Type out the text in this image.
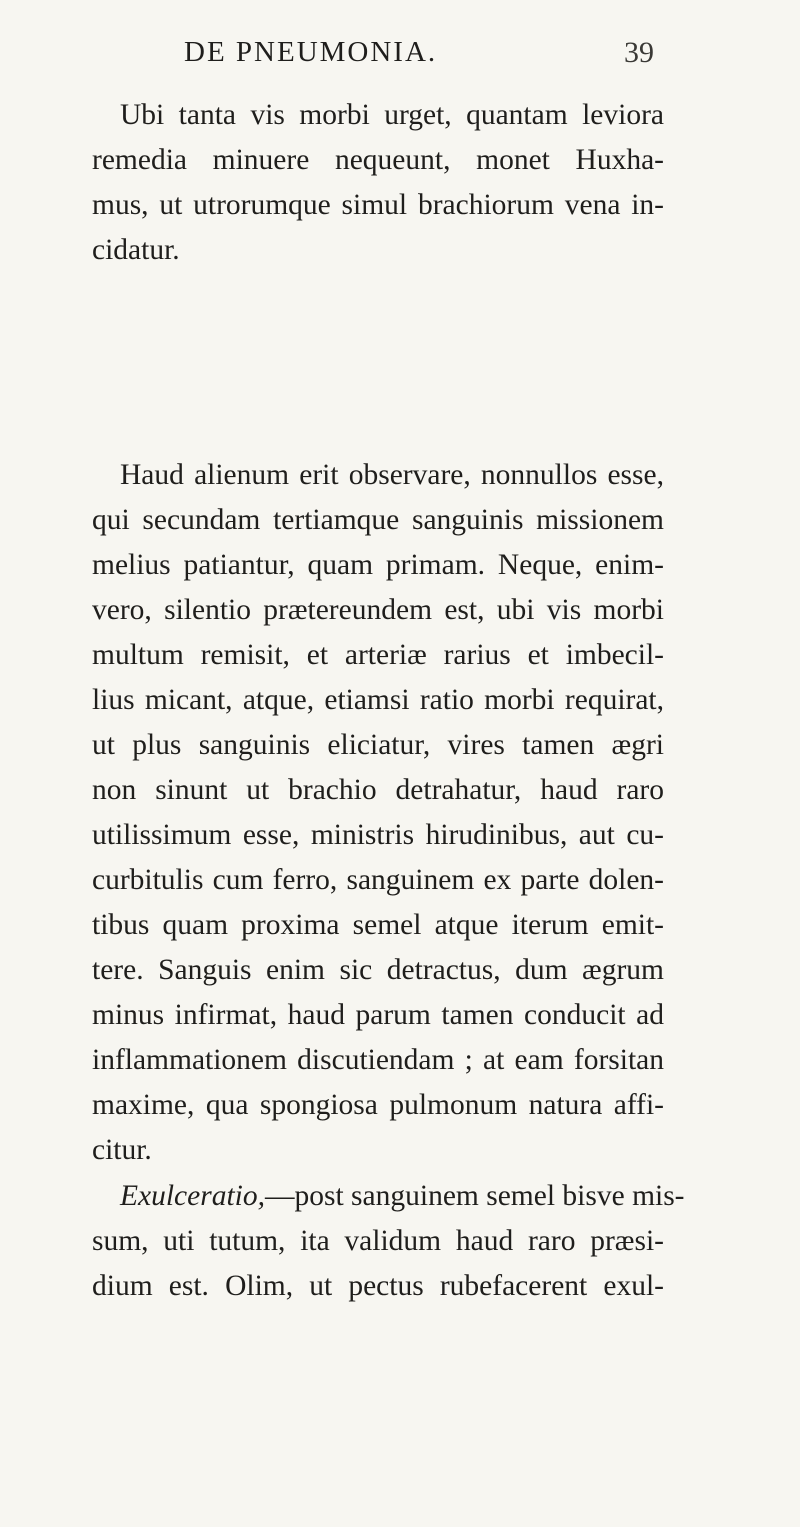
DE PNEUMONIA.	39
Ubi tanta vis morbi urget, quantam leviora
remedia minuere nequeunt, monet Huxha-
mus, ut utrorumque simul brachiorum vena in-
cidatur.
Haud alienum erit observare, nonnullos esse,
qui secundam tertiamque sanguinis missionem
melius patiantur, quam primam. Neque, enim-
vero, silentio prætereundem est, ubi vis morbi
multum remisit, et arteriæ rarius et imbecil-
lius micant, atque, etiamsi ratio morbi requirat,
ut plus sanguinis eliciatur, vires tamen ægri
non sinunt ut brachio detrahatur, haud raro
utilissimum esse, ministris hirudinibus, aut cu-
curbitulis cum ferro, sanguinem ex parte dolen-
tibus quam proxima semel atque iterum emit-
tere. Sanguis enim sic detractus, dum ægrum
minus infirmat, haud parum tamen conducit ad
inflammationem discutiendam ; at eam forsitan
maxime, qua spongiosa pulmonum natura affi-
citur.
Exulceratio,—post sanguinem semel bisve mis-
sum, uti tutum, ita validum haud raro præsi-
dium est. Olim, ut pectus rubefacerent exul-
